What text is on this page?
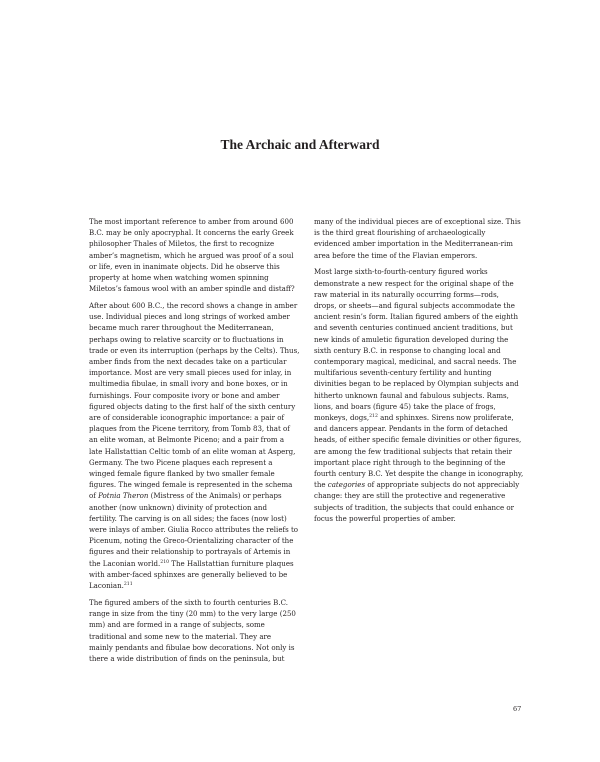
The Archaic and Afterward

The most important reference to amber from around 600
B.C. may be only apocryphal. It concerns the early Greek
philosopher Thales of Miletos, the first to recognize
amber’s magnetism, which he argued was proof of a soul
or life, even in inanimate objects. Did he observe this
property at home when watching women spinning
Miletos’s famous wool with an amber spindle and distaff?

After about 600 B.C., the record shows a change in amber
use. Individual pieces and long strings of worked amber
became much rarer throughout the Mediterranean,
perhaps owing to relative scarcity or to fluctuations in
trade or even its interruption (perhaps by the Celts). Thus,
amber finds from the next decades take on a particular
importance. Most are very small pieces used for inlay, in
multimedia fibulae, in small ivory and bone boxes, or in
furnishings. Four composite ivory or bone and amber
figured objects dating to the first half of the sixth century
are of considerable iconographic importance: a pair of
plaques from the Picene territory, from Tomb 83, that of
an elite woman, at Belmonte Piceno; and a pair from a
late Hallstattian Celtic tomb of an elite woman at Asperg,
Germany. The two Picene plaques each represent a
winged female figure flanked by two smaller female
figures. The winged female is represented in the schema
of Potnia Theron (Mistress of the Animals) or perhaps
another (now unknown) divinity of protection and
fertility. The carving is on all sides; the faces (now lost)
were inlays of amber. Giulia Rocco attributes the reliefs to
Picenum, noting the Greco-Orientalizing character of the
figures and their relationship to portrayals of Artemis in
the Laconian world.$^{210}$ The Hallstattian furniture plaques
with amber-faced sphinxes are generally believed to be
Laconian.$^{211}$

The figured ambers of the sixth to fourth centuries B.C.
range in size from the tiny (20 mm) to the very large (250
mm) and are formed in a range of subjects, some
traditional and some new to the material. They are
mainly pendants and fibulae bow decorations. Not only is
there a wide distribution of finds on the peninsula, but

many of the individual pieces are of exceptional size. This
is the third great flourishing of archaeologically
evidenced amber importation in the Mediterranean-rim
area before the time of the Flavian emperors.

Most large sixth-to-fourth-century figured works
demonstrate a new respect for the original shape of the
raw material in its naturally occurring forms—rods,
drops, or sheets—and figural subjects accommodate the
ancient resin’s form. Italian figured ambers of the eighth
and seventh centuries continued ancient traditions, but
new kinds of amuletic figuration developed during the
sixth century B.C. in response to changing local and
contemporary magical, medicinal, and sacral needs. The
multifarious seventh-century fertility and hunting
divinities began to be replaced by Olympian subjects and
hitherto unknown faunal and fabulous subjects. Rams,
lions, and boars (figure 45) take the place of frogs,
monkeys, dogs,$^{212}$ and sphinxes. Sirens now proliferate,
and dancers appear. Pendants in the form of detached
heads, of either specific female divinities or other figures,
are among the few traditional subjects that retain their
important place right through to the beginning of the
fourth century B.C. Yet despite the change in iconography,
the categories of appropriate subjects do not appreciably
change: they are still the protective and regenerative
subjects of tradition, the subjects that could enhance or
focus the powerful properties of amber.

67
